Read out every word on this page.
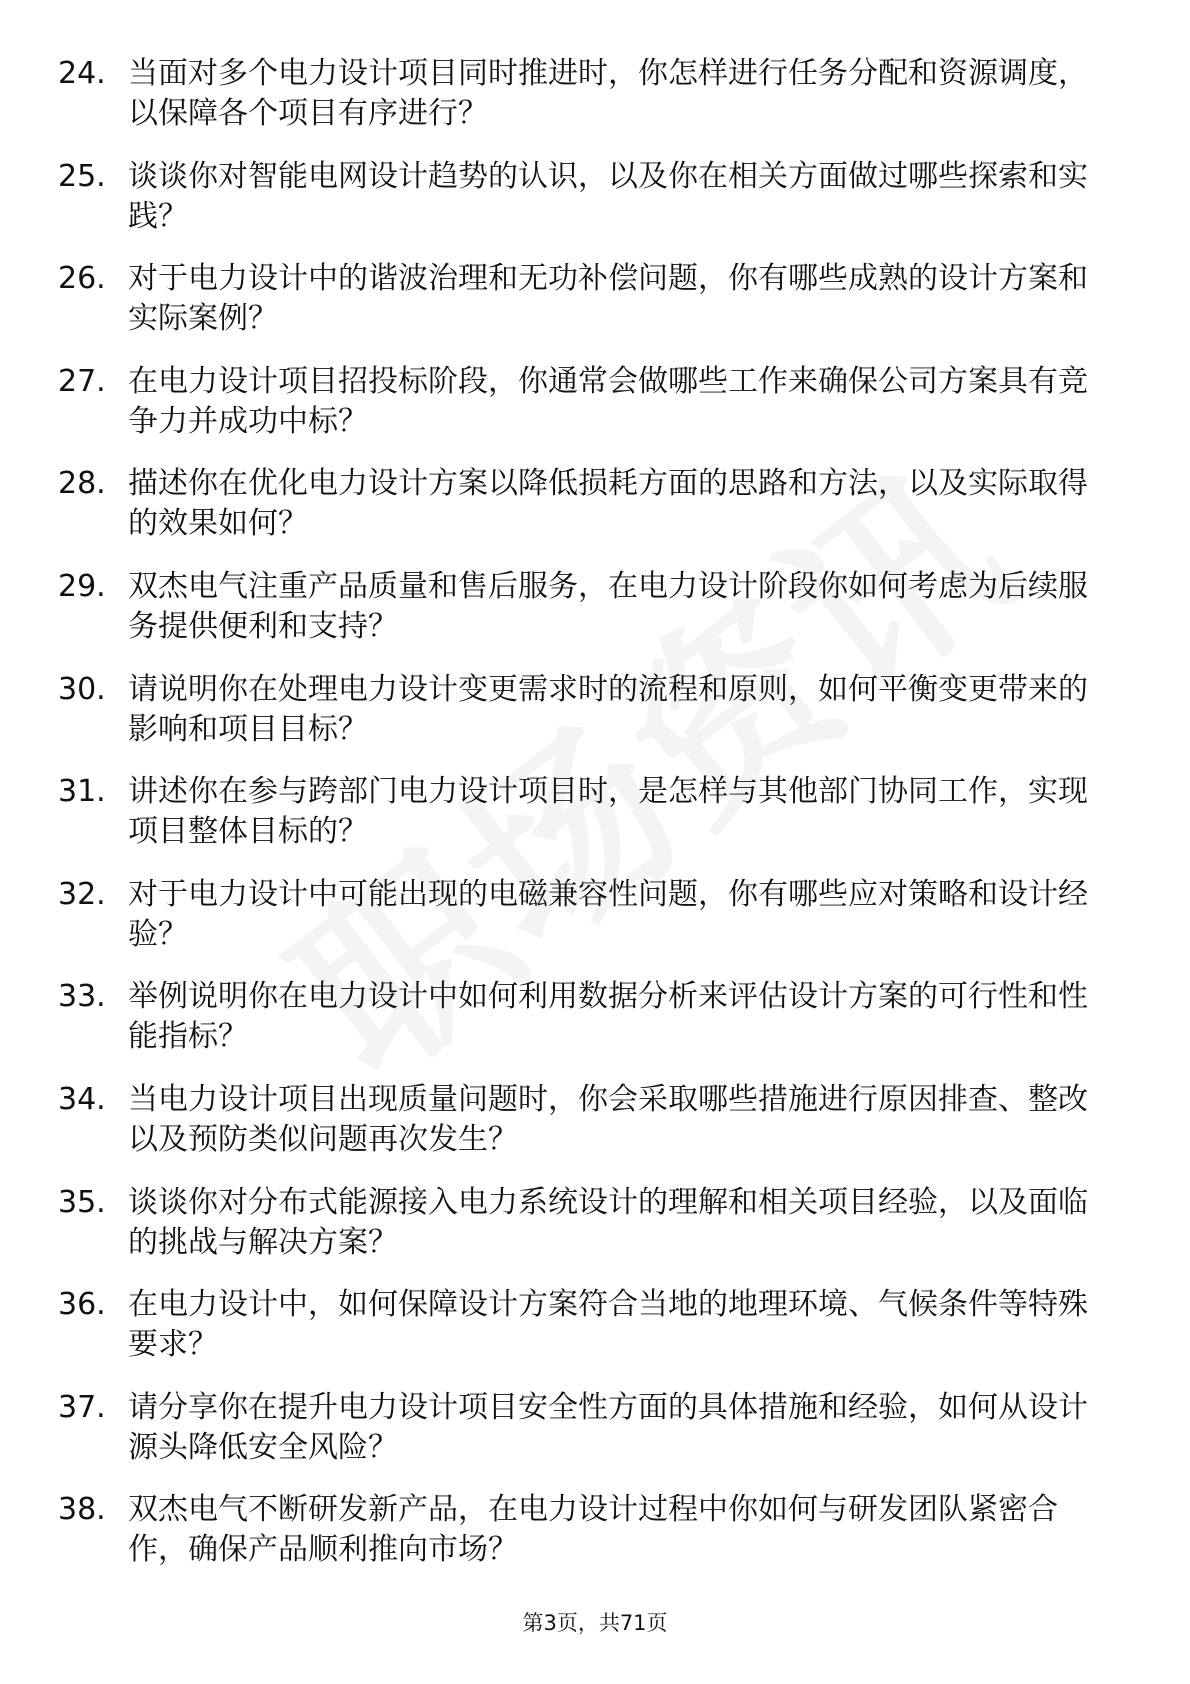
24. 当面对多个电力设计项目同时推进时，你怎样进行任务分配和资源调度，以保障各个项目有序进行？
25. 谈谈你对智能电网设计趋势的认识，以及你在相关方面做过哪些探索和实践？
26. 对于电力设计中的谐波治理和无功补偿问题，你有哪些成熟的设计方案和实际案例？
27. 在电力设计项目招投标阶段，你通常会做哪些工作来确保公司方案具有竞争力并成功中标？
28. 描述你在优化电力设计方案以降低损耗方面的思路和方法，以及实际取得的效果如何？
29. 双杰电气注重产品质量和售后服务，在电力设计阶段你如何考虑为后续服务提供便利和支持？
30. 请说明你在处理电力设计变更需求时的流程和原则，如何平衡变更带来的影响和项目目标？
31. 讲述你在参与跨部门电力设计项目时，是怎样与其他部门协同工作，实现项目整体目标的？
32. 对于电力设计中可能出现的电磁兼容性问题，你有哪些应对策略和设计经验？
33. 举例说明你在电力设计中如何利用数据分析来评估设计方案的可行性和性能指标？
34. 当电力设计项目出现质量问题时，你会采取哪些措施进行原因排查、整改以及预防类似问题再次发生？
35. 谈谈你对分布式能源接入电力系统设计的理解和相关项目经验，以及面临的挑战与解决方案？
36. 在电力设计中，如何保障设计方案符合当地的地理环境、气候条件等特殊要求？
37. 请分享你在提升电力设计项目安全性方面的具体措施和经验，如何从设计源头降低安全风险？
38. 双杰电气不断研发新产品，在电力设计过程中你如何与研发团队紧密合作，确保产品顺利推向市场？
第3页，共71页
